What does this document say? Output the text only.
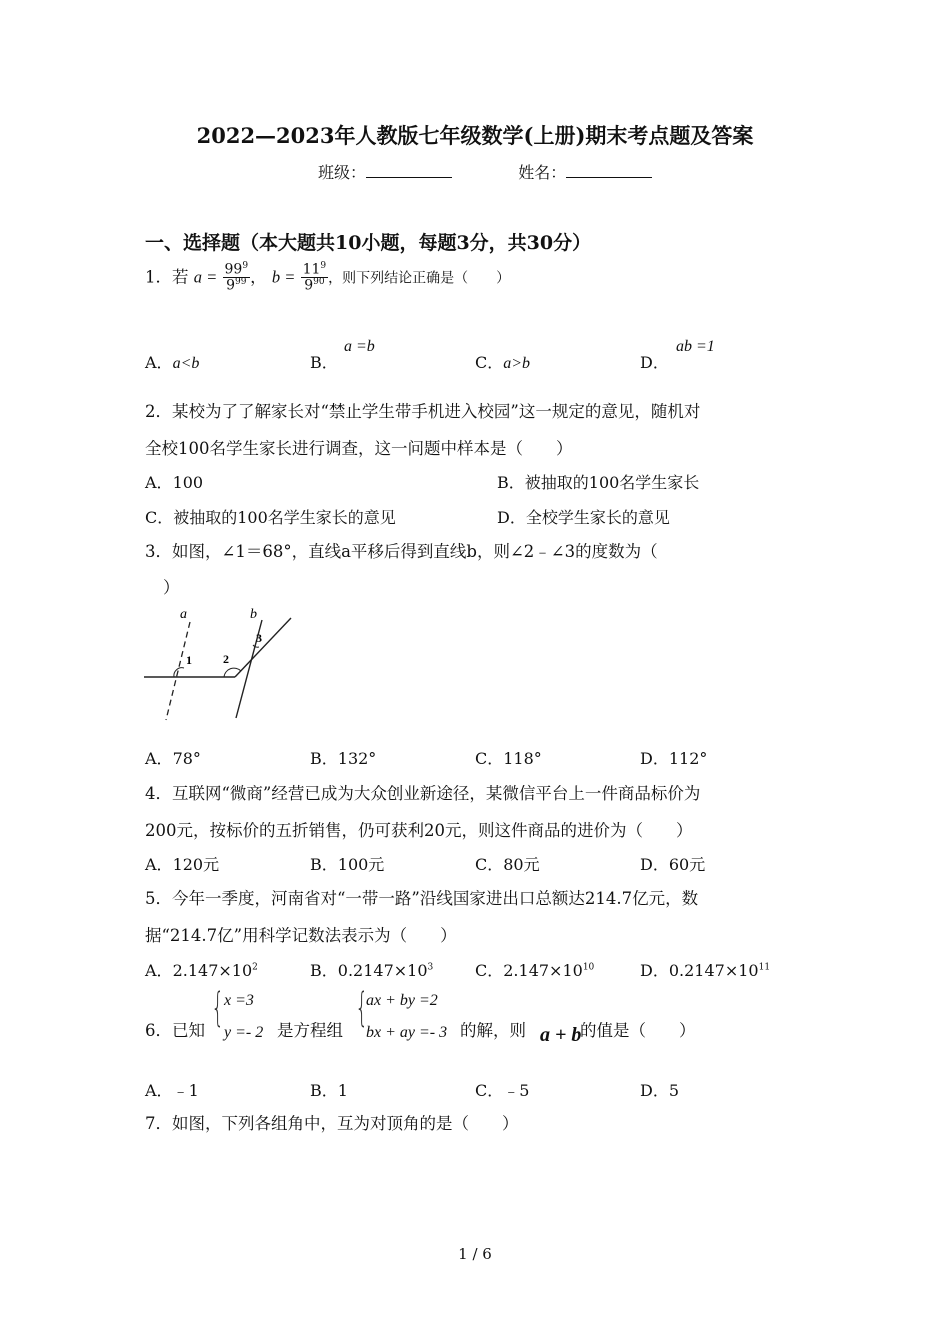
2022—2023年人教版七年级数学(上册)期末考点题及答案
班级：	姓名：
一、选择题（本大题共10小题，每题3分，共30分）
1．若 $a = \frac{99^9}{9^{99}}$ ， $b = \frac{11^9}{9^{90}}$ ，则下列结论正确是（　　）
A．a<b	B．
a =b
C．a>b	D．
ab =1
2．某校为了了解家长对“禁止学生带手机进入校园”这一规定的意见，随机对
全校100名学生家长进行调查，这一问题中样本是（　　）
A．100	B．被抽取的100名学生家长
C．被抽取的100名学生家长的意见	D．全校学生家长的意见
3．如图，∠1＝68°，直线a平移后得到直线b，则∠2﹣∠3的度数为（
）
a	b
1	2
3
A．78°	B．132°	C．118°	D．112°
4．互联网“微商”经营已成为大众创业新途径，某微信平台上一件商品标价为
200元，按标价的五折销售，仍可获利20元，则这件商品的进价为（　　）
A．120元	B．100元	C．80元	D．60元
5．今年一季度，河南省对“一带一路”沿线国家进出口总额达214.7亿元，数
据“214.7亿”用科学记数法表示为（　　）
A．$2.147\times 10^2$	B．$0.2147\times 10^3$	C．$2.147\times 10^{10}$	D．$0.2147\times 10^{11}$
6．已知 { x =3
y =- 2 是方程组 {
ax + by =2
bx + ay =- 3 的解，则 a + b
的值是（　　）
A．﹣1	B．1	C．﹣5	D．5
7．如图，下列各组角中，互为对顶角的是（　　）
1 / 6
